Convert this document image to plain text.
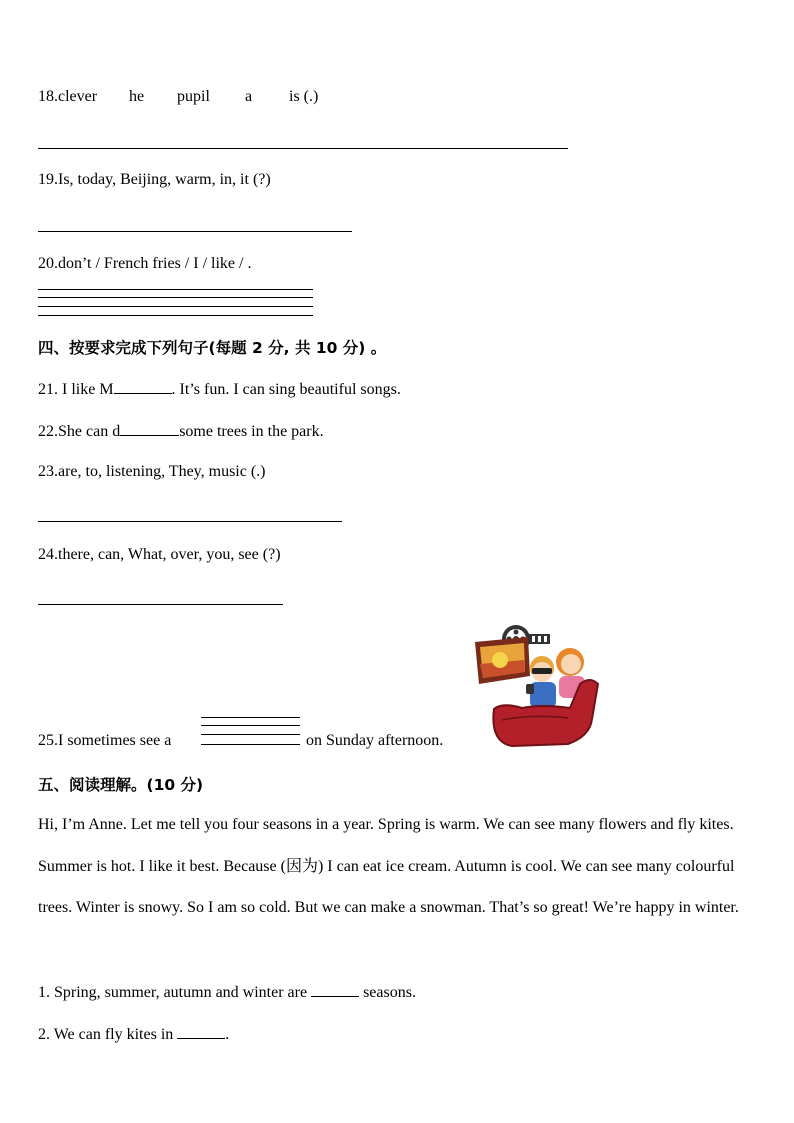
18.clever he pupil a is (.)
19.Is, today, Beijing, warm, in, it (?)
20.don’t / French fries / I / like / .
四、按要求完成下列句子(每题 2 分, 共 10 分) 。
21. I like M	. It’s fun. I can sing beautiful songs.
22.She can d	some trees in the park.
23.are, to, listening, They, music (.)
24.there, can, What, over, you, see (?)
25.I sometimes see a	on Sunday afternoon.
五、阅读理解。(10 分)
Hi, I’m Anne. Let me tell you four seasons in a year. Spring is warm. We can see many flowers and fly kites. Summer is hot. I like it best. Because (因为) I can eat ice cream. Autumn is cool. We can see many colourful trees. Winter is snowy. So I am so cold. But we can make a snowman. That’s so great! We’re happy in winter.
1. Spring, summer, autumn and winter are	seasons.
2. We can fly kites in	.
